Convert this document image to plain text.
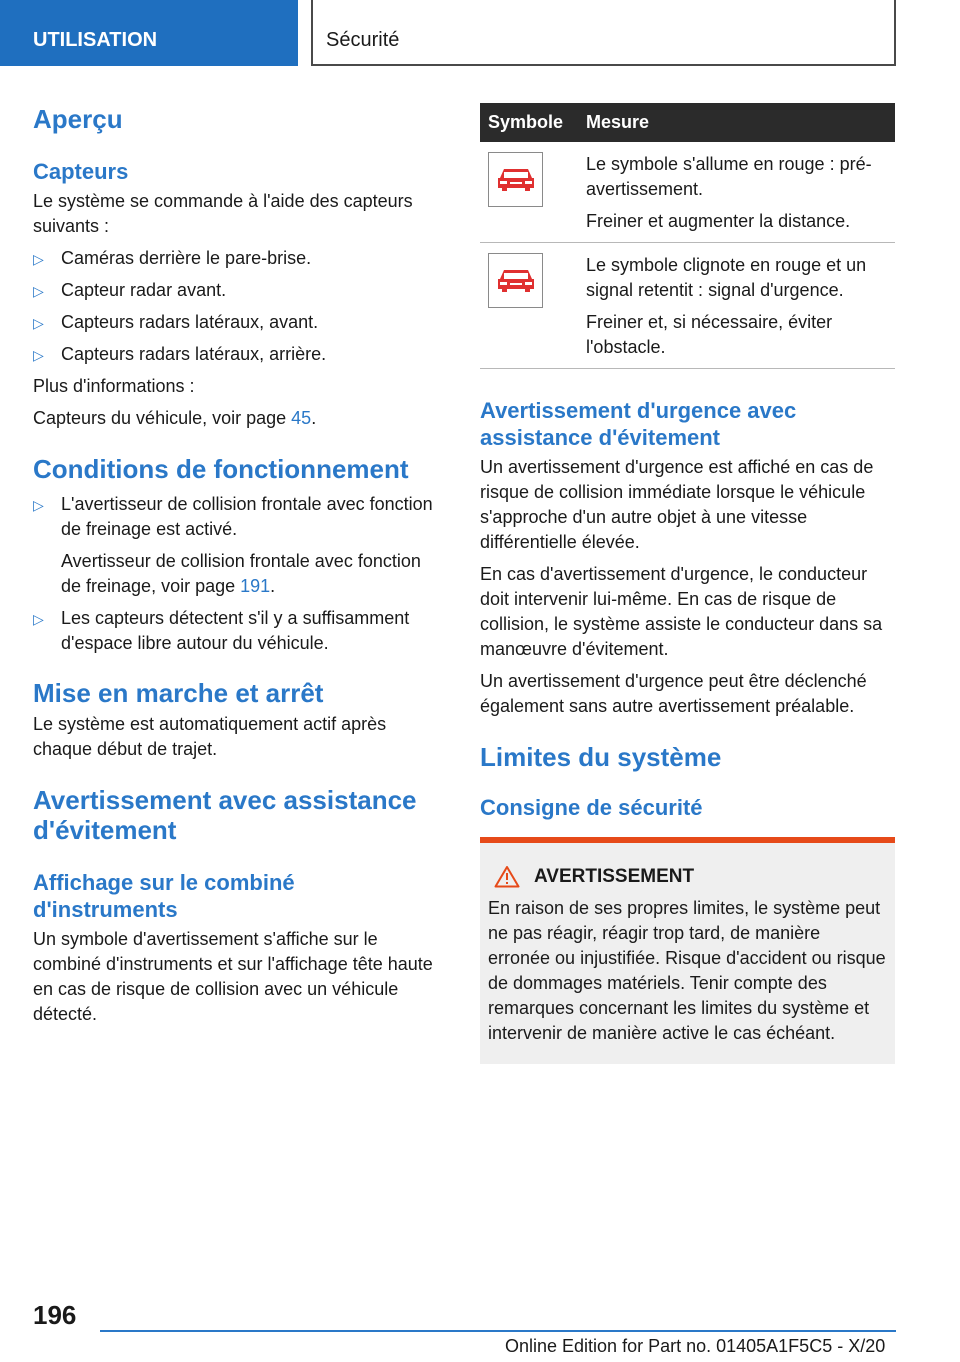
UTILISATION	Sécurité
Aperçu
Capteurs
Le système se commande à l'aide des capteurs suivants :
▷ Caméras derrière le pare-brise.
▷ Capteur radar avant.
▷ Capteurs radars latéraux, avant.
▷ Capteurs radars latéraux, arrière.
Plus d'informations :
Capteurs du véhicule, voir page 45.
Conditions de fonctionnement
▷ L'avertisseur de collision frontale avec fonction de freinage est activé.
Avertisseur de collision frontale avec fonction de freinage, voir page 191.
▷ Les capteurs détectent s'il y a suffisamment d'espace libre autour du véhicule.
Mise en marche et arrêt
Le système est automatiquement actif après chaque début de trajet.
Avertissement avec assistance d'évitement
Affichage sur le combiné d'instruments
Un symbole d'avertissement s'affiche sur le combiné d'instruments et sur l'affichage tête haute en cas de risque de collision avec un véhicule détecté.
Symbole	Mesure

Le symbole s'allume en rouge : pré-avertissement.
Freiner et augmenter la distance.

Le symbole clignote en rouge et un signal retentit : signal d'urgence.
Freiner et, si nécessaire, éviter l'obstacle.
Avertissement d'urgence avec assistance d'évitement
Un avertissement d'urgence est affiché en cas de risque de collision immédiate lorsque le véhicule s'approche d'un autre objet à une vitesse différentielle élevée.
En cas d'avertissement d'urgence, le conducteur doit intervenir lui-même. En cas de risque de collision, le système assiste le conducteur dans sa manœuvre d'évitement.
Un avertissement d'urgence peut être déclenché également sans autre avertissement préalable.
Limites du système
Consigne de sécurité
AVERTISSEMENT
En raison de ses propres limites, le système peut ne pas réagir, réagir trop tard, de manière erronée ou injustifiée. Risque d'accident ou risque de dommages matériels. Tenir compte des remarques concernant les limites du système et intervenir de manière active le cas échéant.
196
Online Edition for Part no. 01405A1F5C5 - X/20
